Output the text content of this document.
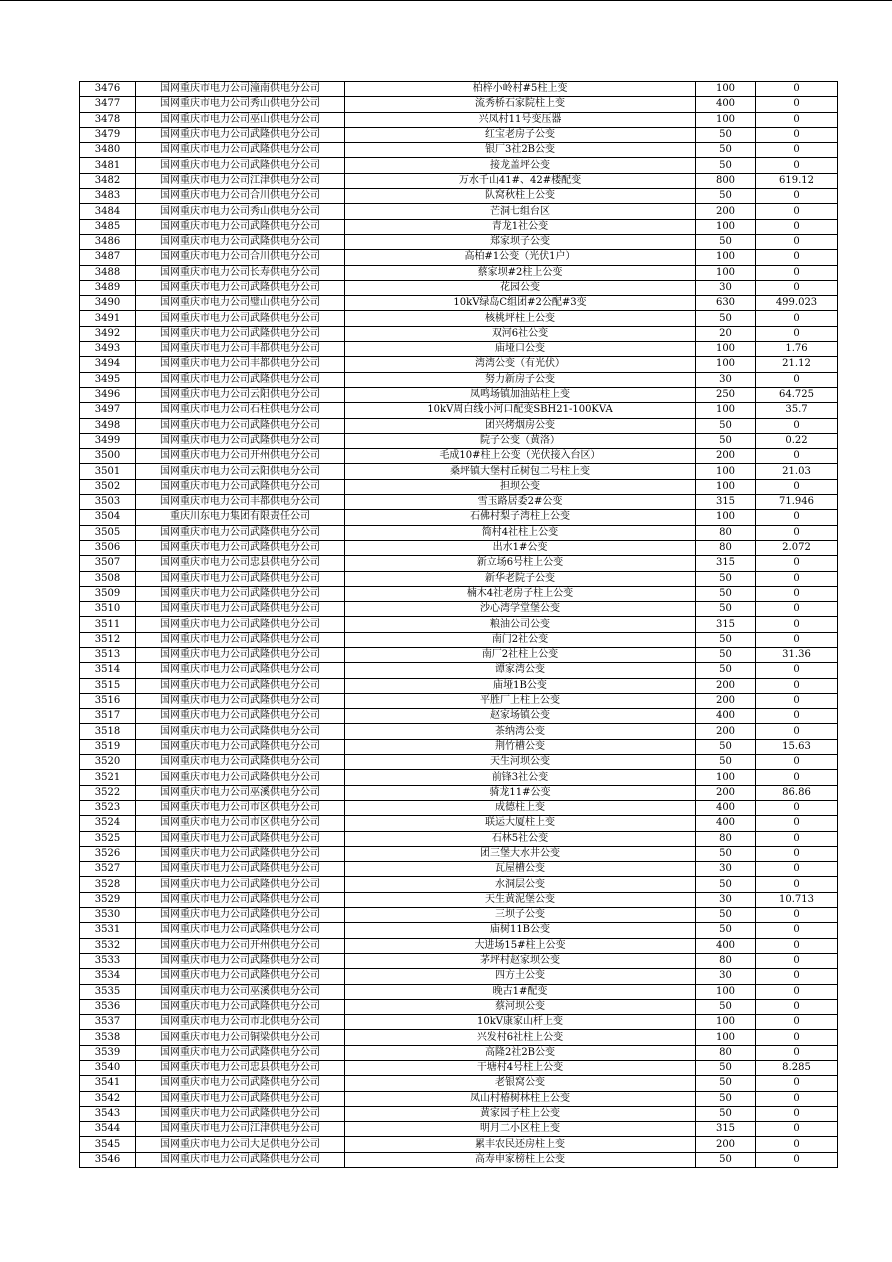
3476	国网重庆市电力公司潼南供电分公司	柏梓小岭村#5柱上变	100	0
3477	国网重庆市电力公司秀山供电分公司	流秀桥石家院柱上变	400	0
3478	国网重庆市电力公司巫山供电分公司	兴凤村11号变压器	100	0
3479	国网重庆市电力公司武隆供电分公司	红宝老房子公变	50	0
3480	国网重庆市电力公司武隆供电分公司	银厂3社2B公变	50	0
3481	国网重庆市电力公司武隆供电分公司	接龙盖坪公变	50	0
3482	国网重庆市电力公司江津供电分公司	万水千山41#、42#楼配变	800	619.12
3483	国网重庆市电力公司合川供电分公司	队窝秋柱上公变	50	0
3484	国网重庆市电力公司秀山供电分公司	芒洞七组台区	200	0
3485	国网重庆市电力公司武隆供电分公司	青龙1社公变	100	0
3486	国网重庆市电力公司武隆供电分公司	郑家坝子公变	50	0
3487	国网重庆市电力公司合川供电分公司	高柏#1公变（光伏1户）	100	0
3488	国网重庆市电力公司长寿供电分公司	蔡家坝#2柱上公变	100	0
3489	国网重庆市电力公司武隆供电分公司	花园公变	30	0
3490	国网重庆市电力公司璧山供电分公司	10kV绿岛C组团#2公配#3变	630	499.023
3491	国网重庆市电力公司武隆供电分公司	核桃坪柱上公变	50	0
3492	国网重庆市电力公司武隆供电分公司	双河6社公变	20	0
3493	国网重庆市电力公司丰都供电分公司	庙垭口公变	100	1.76
3494	国网重庆市电力公司丰都供电分公司	湾湾公变（有光伏）	100	21.12
3495	国网重庆市电力公司武隆供电分公司	努力新房子公变	30	0
3496	国网重庆市电力公司云阳供电分公司	凤鸣场镇加油站柱上变	250	64.725
3497	国网重庆市电力公司石柱供电分公司	10kV周白线小河口配变SBH21-100KVA	100	35.7
3498	国网重庆市电力公司武隆供电分公司	团兴烤烟房公变	50	0
3499	国网重庆市电力公司武隆供电分公司	院子公变（黄洛）	50	0.22
3500	国网重庆市电力公司开州供电分公司	毛成10#柱上公变（光伏接入台区）	200	0
3501	国网重庆市电力公司云阳供电分公司	桑坪镇大堡村丘树包二号柱上变	100	21.03
3502	国网重庆市电力公司武隆供电分公司	担坝公变	100	0
3503	国网重庆市电力公司丰都供电分公司	雪玉路居委2#公变	315	71.946
3504	重庆川东电力集团有限责任公司	石佛村梨子湾柱上公变	100	0
3505	国网重庆市电力公司武隆供电分公司	简村4社柱上公变	80	0
3506	国网重庆市电力公司武隆供电分公司	出水1#公变	80	2.072
3507	国网重庆市电力公司忠县供电分公司	新立场6号柱上公变	315	0
3508	国网重庆市电力公司武隆供电分公司	新华老院子公变	50	0
3509	国网重庆市电力公司武隆供电分公司	楠木4社老房子柱上公变	50	0
3510	国网重庆市电力公司武隆供电分公司	沙心湾学堂堡公变	50	0
3511	国网重庆市电力公司武隆供电分公司	粮油公司公变	315	0
3512	国网重庆市电力公司武隆供电分公司	南门2社公变	50	0
3513	国网重庆市电力公司武隆供电分公司	南厂2社柱上公变	50	31.36
3514	国网重庆市电力公司武隆供电分公司	谭家湾公变	50	0
3515	国网重庆市电力公司武隆供电分公司	庙垭1B公变	200	0
3516	国网重庆市电力公司武隆供电分公司	平胜厂上柱上公变	200	0
3517	国网重庆市电力公司武隆供电分公司	赵家场镇公变	400	0
3518	国网重庆市电力公司武隆供电分公司	茶纳湾公变	200	0
3519	国网重庆市电力公司武隆供电分公司	荆竹槽公变	50	15.63
3520	国网重庆市电力公司武隆供电分公司	天生河坝公变	50	0
3521	国网重庆市电力公司武隆供电分公司	前锋3社公变	100	0
3522	国网重庆市电力公司巫溪供电分公司	骑龙11#公变	200	86.86
3523	国网重庆市电力公司市区供电分公司	成德柱上变	400	0
3524	国网重庆市电力公司市区供电分公司	联运大厦柱上变	400	0
3525	国网重庆市电力公司武隆供电分公司	石林5社公变	80	0
3526	国网重庆市电力公司武隆供电分公司	团三堡大水井公变	50	0
3527	国网重庆市电力公司武隆供电分公司	瓦屋槽公变	30	0
3528	国网重庆市电力公司武隆供电分公司	水洞层公变	50	0
3529	国网重庆市电力公司武隆供电分公司	天生黄泥堡公变	30	10.713
3530	国网重庆市电力公司武隆供电分公司	三坝子公变	50	0
3531	国网重庆市电力公司武隆供电分公司	庙树11B公变	50	0
3532	国网重庆市电力公司开州供电分公司	大进场15#柱上公变	400	0
3533	国网重庆市电力公司武隆供电分公司	茅坪村赵家坝公变	80	0
3534	国网重庆市电力公司武隆供电分公司	四方土公变	30	0
3535	国网重庆市电力公司巫溪供电分公司	晚古1#配变	100	0
3536	国网重庆市电力公司武隆供电分公司	蔡河坝公变	50	0
3537	国网重庆市电力公司市北供电分公司	10kV康家山杆上变	100	0
3538	国网重庆市电力公司铜梁供电分公司	兴发村6社柱上公变	100	0
3539	国网重庆市电力公司武隆供电分公司	高隆2社2B公变	80	0
3540	国网重庆市电力公司忠县供电分公司	干塘村4号柱上公变	50	8.285
3541	国网重庆市电力公司武隆供电分公司	老银窝公变	50	0
3542	国网重庆市电力公司武隆供电分公司	凤山村椿树林柱上公变	50	0
3543	国网重庆市电力公司武隆供电分公司	黄家园子柱上公变	50	0
3544	国网重庆市电力公司江津供电分公司	明月二小区柱上变	315	0
3545	国网重庆市电力公司大足供电分公司	累丰农民还房柱上变	200	0
3546	国网重庆市电力公司武隆供电分公司	高寿申家榜柱上公变	50	0
